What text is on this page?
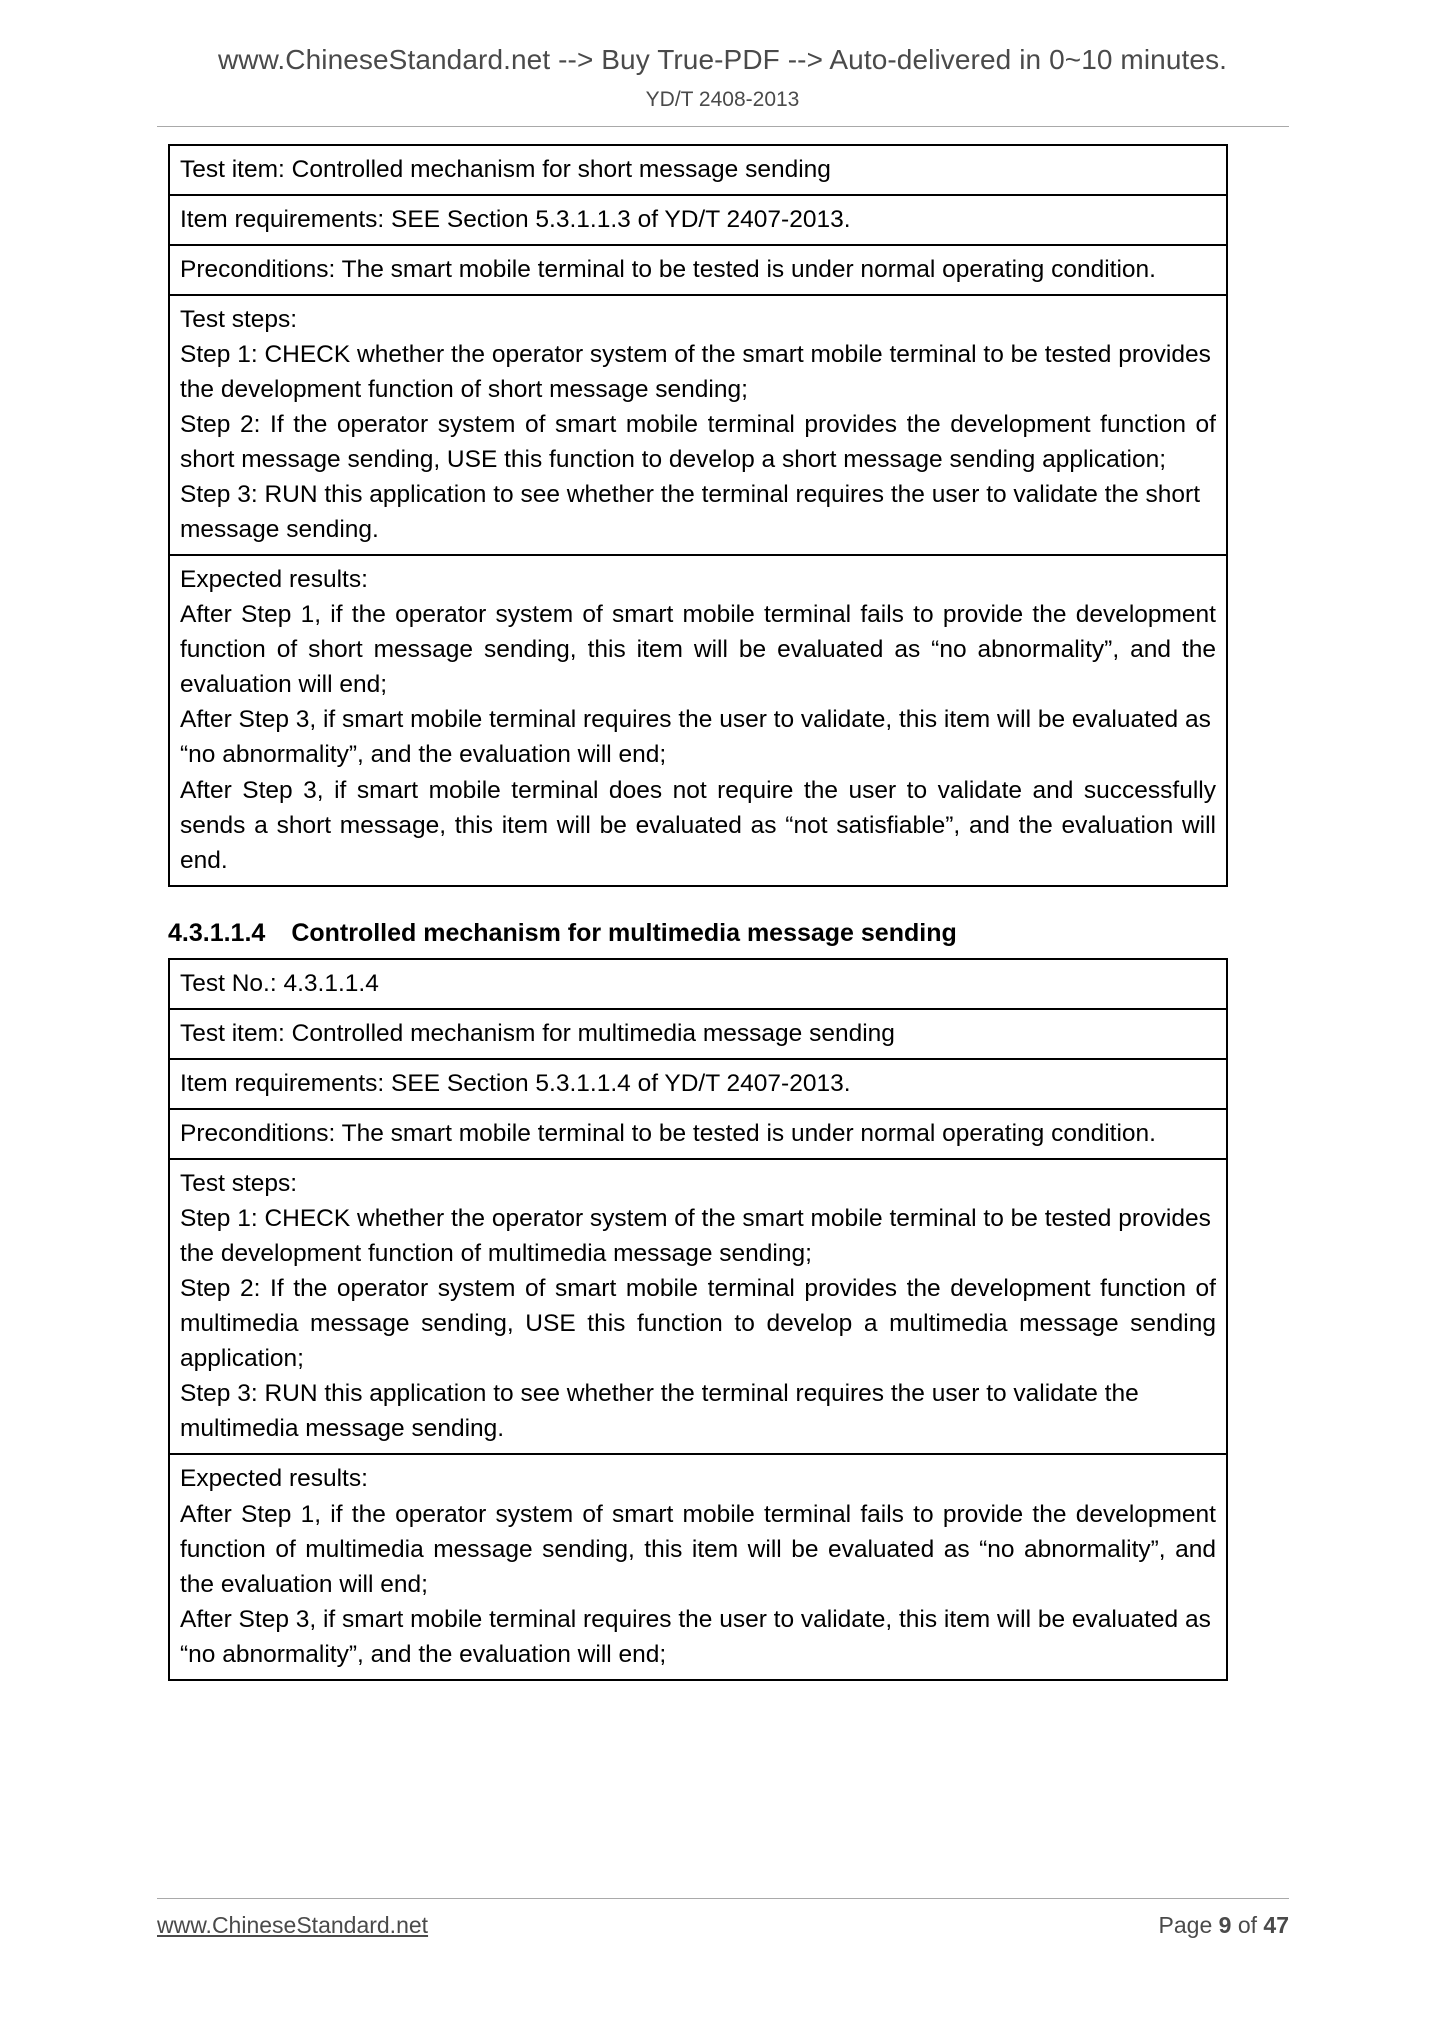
www.ChineseStandard.net --> Buy True-PDF --> Auto-delivered in 0~10 minutes.
YD/T 2408-2013
Test item: Controlled mechanism for short message sending

Item requirements: SEE Section 5.3.1.1.3 of YD/T 2407-2013.

Preconditions: The smart mobile terminal to be tested is under normal operating condition.

Test steps:
Step 1: CHECK whether the operator system of the smart mobile terminal to be tested provides the development function of short message sending;
Step 2: If the operator system of smart mobile terminal provides the development function of short message sending, USE this function to develop a short message sending application;
Step 3: RUN this application to see whether the terminal requires the user to validate the short message sending.

Expected results:
After Step 1, if the operator system of smart mobile terminal fails to provide the development function of short message sending, this item will be evaluated as “no abnormality”, and the evaluation will end;
After Step 3, if smart mobile terminal requires the user to validate, this item will be evaluated as “no abnormality”, and the evaluation will end;
After Step 3, if smart mobile terminal does not require the user to validate and successfully sends a short message, this item will be evaluated as “not satisfiable”, and the evaluation will end.
4.3.1.1.4 Controlled mechanism for multimedia message sending
Test No.: 4.3.1.1.4

Test item: Controlled mechanism for multimedia message sending

Item requirements: SEE Section 5.3.1.1.4 of YD/T 2407-2013.

Preconditions: The smart mobile terminal to be tested is under normal operating condition.

Test steps:
Step 1: CHECK whether the operator system of the smart mobile terminal to be tested provides the development function of multimedia message sending;
Step 2: If the operator system of smart mobile terminal provides the development function of multimedia message sending, USE this function to develop a multimedia message sending application;
Step 3: RUN this application to see whether the terminal requires the user to validate the multimedia message sending.

Expected results:
After Step 1, if the operator system of smart mobile terminal fails to provide the development function of multimedia message sending, this item will be evaluated as “no abnormality”, and the evaluation will end;
After Step 3, if smart mobile terminal requires the user to validate, this item will be evaluated as “no abnormality”, and the evaluation will end;
www.ChineseStandard.net	Page 9 of 47
